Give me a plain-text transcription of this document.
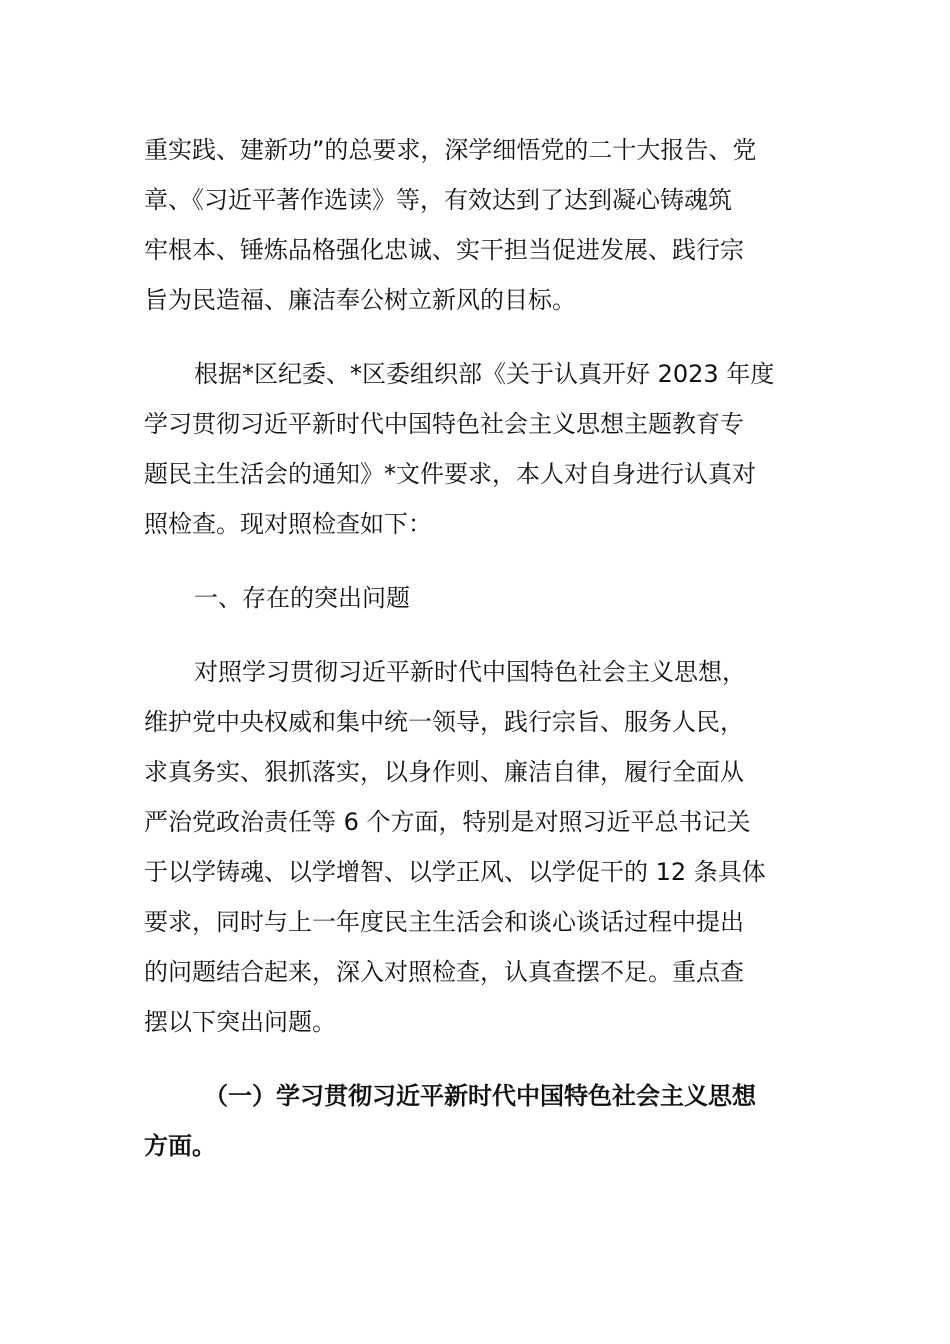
重实践、建新功”的总要求，深学细悟党的二十大报告、党
章、《习近平著作选读》等，有效达到了达到凝心铸魂筑
牢根本、锤炼品格强化忠诚、实干担当促进发展、践行宗
旨为民造福、廉洁奉公树立新风的目标。
根据*区纪委、*区委组织部《关于认真开好 2023 年度
学习贯彻习近平新时代中国特色社会主义思想主题教育专
题民主生活会的通知》*文件要求，本人对自身进行认真对
照检查。现对照检查如下：
一、存在的突出问题
对照学习贯彻习近平新时代中国特色社会主义思想，
维护党中央权威和集中统一领导，践行宗旨、服务人民，
求真务实、狠抓落实，以身作则、廉洁自律，履行全面从
严治党政治责任等 6 个方面，特别是对照习近平总书记关
于以学铸魂、以学增智、以学正风、以学促干的 12 条具体
要求，同时与上一年度民主生活会和谈心谈话过程中提出
的问题结合起来，深入对照检查，认真查摆不足。重点查
摆以下突出问题。
（一）学习贯彻习近平新时代中国特色社会主义思想
方面。
